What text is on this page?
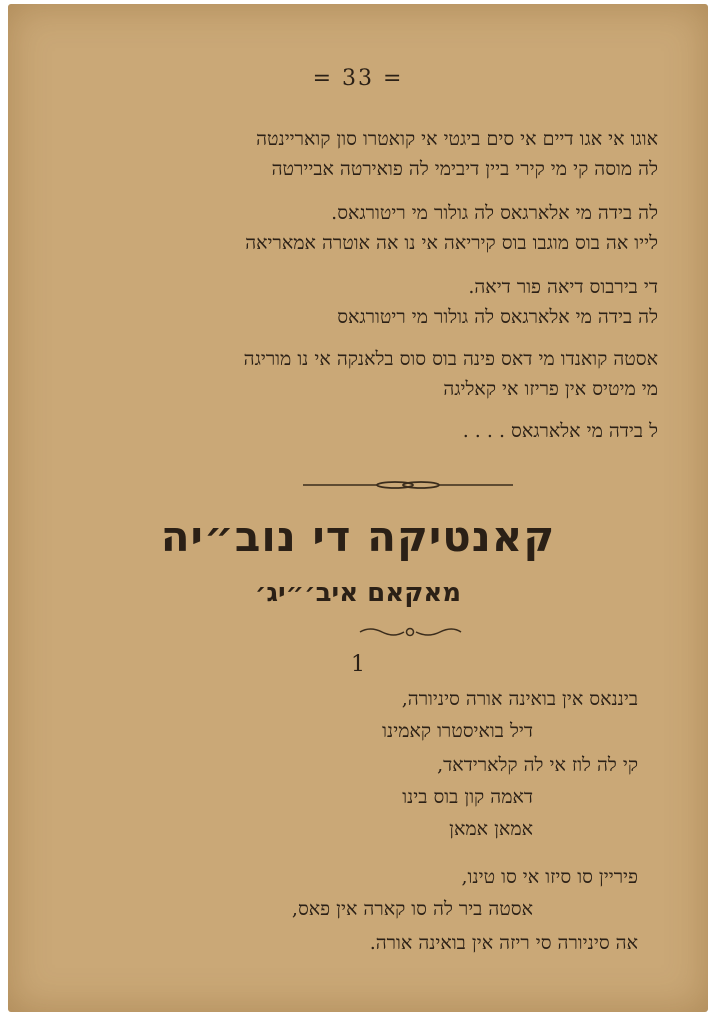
= 33 =

אוגו אי אגו דיים אי סים ביגטי אי קואטרו סון קואריינטה

לה מוסה קי מי קירי ביין דיבימי לה פואירטה אביירטה

לה בידה מי אלארגאס לה גולור מי ריטורגאס.

לייו אה בוס מוגבו בוס קיריאה אי נו אה אוטרה אמאריאה

די בירבוס דיאה פור דיאה.

לה בידה מי אלארגאס לה גולור מי ריטורגאס

אסטה קואנדו מי דאס פינה בוס סוס בלאנקה אי נו מוריגה

מי מיטיס אין פריזו אי קאליגה

ל בידה מי אלארגאס . . . .

קאנטיקה די נוב״יה
מאקאם איב׳״יג׳
1

ביננאס אין בואינה אורה סיניורה,

דיל בואיסטרו קאמינו

קי לה לוז אי לה קלארידאד,

דאמה קון בוס בינו

אמאן אמאן

פיריין סו סיזו אי סו טינו,

אסטה ביר לה סו קארה אין פאס,

אה סיניורה סי ריזה אין בואינה אורה.
